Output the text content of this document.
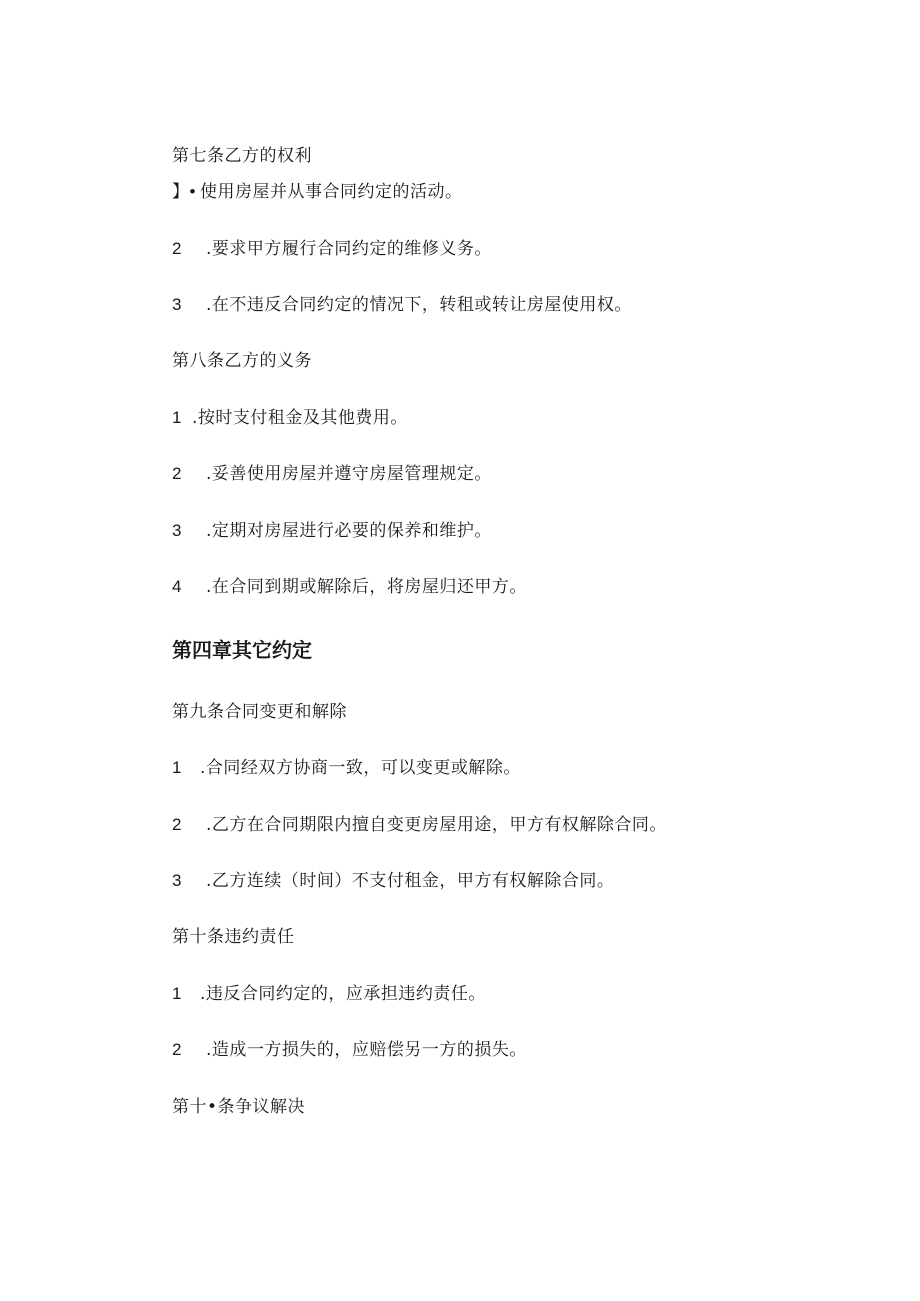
第七条乙方的权利
】• 使用房屋并从事合同约定的活动。
2 .要求甲方履行合同约定的维修义务。
3 .在不违反合同约定的情况下，转租或转让房屋使用权。
第八条乙方的义务
1 .按时支付租金及其他费用。
2 .妥善使用房屋并遵守房屋管理规定。
3 .定期对房屋进行必要的保养和维护。
4 .在合同到期或解除后，将房屋归还甲方。
第四章其它约定
第九条合同变更和解除
1 .合同经双方协商一致，可以变更或解除。
2 .乙方在合同期限内擅自变更房屋用途，甲方有权解除合同。
3 .乙方连续（时间）不支付租金，甲方有权解除合同。
第十条违约责任
1 .违反合同约定的，应承担违约责任。
2 .造成一方损失的，应赔偿另一方的损失。
第十•条争议解决
